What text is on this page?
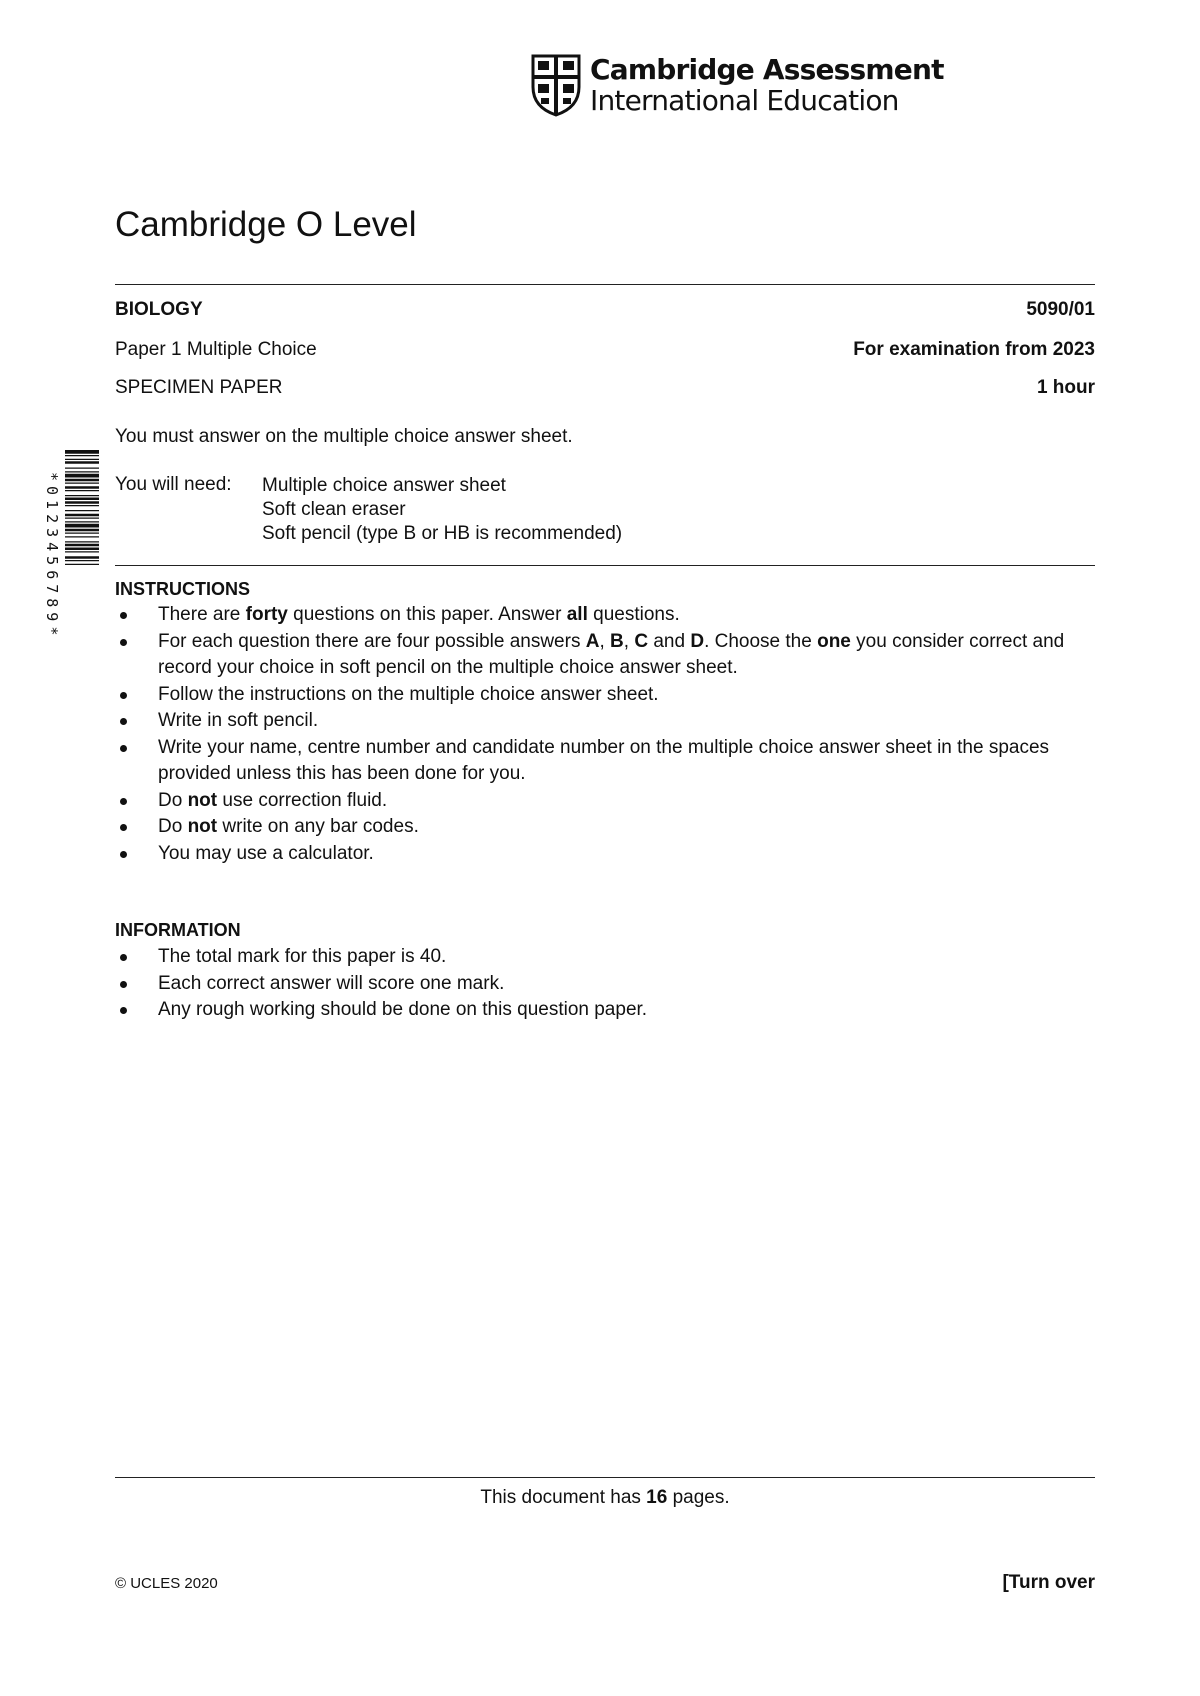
Cambridge Assessment
International Education
*0123456789*
Cambridge O Level
BIOLOGY	5090/01
Paper 1 Multiple Choice	For examination from 2023
SPECIMEN PAPER	1 hour
You must answer on the multiple choice answer sheet.
You will need:	Multiple choice answer sheet
Soft clean eraser
Soft pencil (type B or HB is recommended)
INSTRUCTIONS
There are forty questions on this paper. Answer all questions.
For each question there are four possible answers A, B, C and D. Choose the one you consider correct and record your choice in soft pencil on the multiple choice answer sheet.
Follow the instructions on the multiple choice answer sheet.
Write in soft pencil.
Write your name, centre number and candidate number on the multiple choice answer sheet in the spaces provided unless this has been done for you.
Do not use correction fluid.
Do not write on any bar codes.
You may use a calculator.
INFORMATION
The total mark for this paper is 40.
Each correct answer will score one mark.
Any rough working should be done on this question paper.
This document has 16 pages.
© UCLES 2020	[Turn over
